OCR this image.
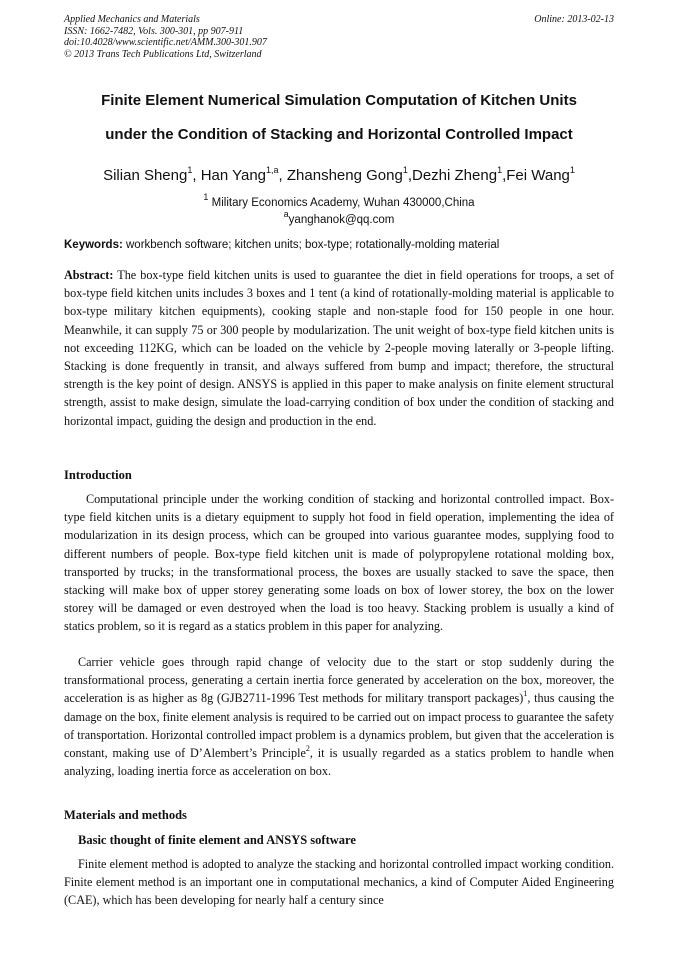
Applied Mechanics and Materials
ISSN: 1662-7482, Vols. 300-301, pp 907-911
doi:10.4028/www.scientific.net/AMM.300-301.907
© 2013 Trans Tech Publications Ltd, Switzerland
Online: 2013-02-13
Finite Element Numerical Simulation Computation of Kitchen Units
under the Condition of Stacking and Horizontal Controlled Impact
Silian Sheng$^1$, Han Yang$^{1,a}$, Zhansheng Gong$^1$,Dezhi Zheng$^1$,Fei Wang$^1$
$^1$ Military Economics Academy, Wuhan 430000,China
$^a$yanghanok@qq.com
Keywords: workbench software; kitchen units; box-type; rotationally-molding material
Abstract: The box-type field kitchen units is used to guarantee the diet in field operations for troops, a set of box-type field kitchen units includes 3 boxes and 1 tent (a kind of rotationally-molding material is applicable to box-type military kitchen equipments), cooking staple and non-staple food for 150 people in one hour. Meanwhile, it can supply 75 or 300 people by modularization. The unit weight of box-type field kitchen units is not exceeding 112KG, which can be loaded on the vehicle by 2-people moving laterally or 3-people lifting. Stacking is done frequently in transit, and always suffered from bump and impact; therefore, the structural strength is the key point of design. ANSYS is applied in this paper to make analysis on finite element structural strength, assist to make design, simulate the load-carrying condition of box under the condition of stacking and horizontal impact, guiding the design and production in the end.
Introduction
Computational principle under the working condition of stacking and horizontal controlled impact. Box-type field kitchen units is a dietary equipment to supply hot food in field operation, implementing the idea of modularization in its design process, which can be grouped into various guarantee modes, supplying food to different numbers of people. Box-type field kitchen unit is made of polypropylene rotational molding box, transported by trucks; in the transformational process, the boxes are usually stacked to save the space, then stacking will make box of upper storey generating some loads on box of lower storey, the box on the lower storey will be damaged or even destroyed when the load is too heavy. Stacking problem is usually a kind of statics problem, so it is regard as a statics problem in this paper for analyzing.
Carrier vehicle goes through rapid change of velocity due to the start or stop suddenly during the transformational process, generating a certain inertia force generated by acceleration on the box, moreover, the acceleration is as higher as 8g (GJB2711-1996 Test methods for military transport packages)$^1$, thus causing the damage on the box, finite element analysis is required to be carried out on impact process to guarantee the safety of transportation. Horizontal controlled impact problem is a dynamics problem, but given that the acceleration is constant, making use of D’Alembert’s Principle$^2$, it is usually regarded as a statics problem to handle when analyzing, loading inertia force as acceleration on box.
Materials and methods
Basic thought of finite element and ANSYS software
Finite element method is adopted to analyze the stacking and horizontal controlled impact working condition. Finite element method is an important one in computational mechanics, a kind of Computer Aided Engineering (CAE), which has been developing for nearly half a century since
